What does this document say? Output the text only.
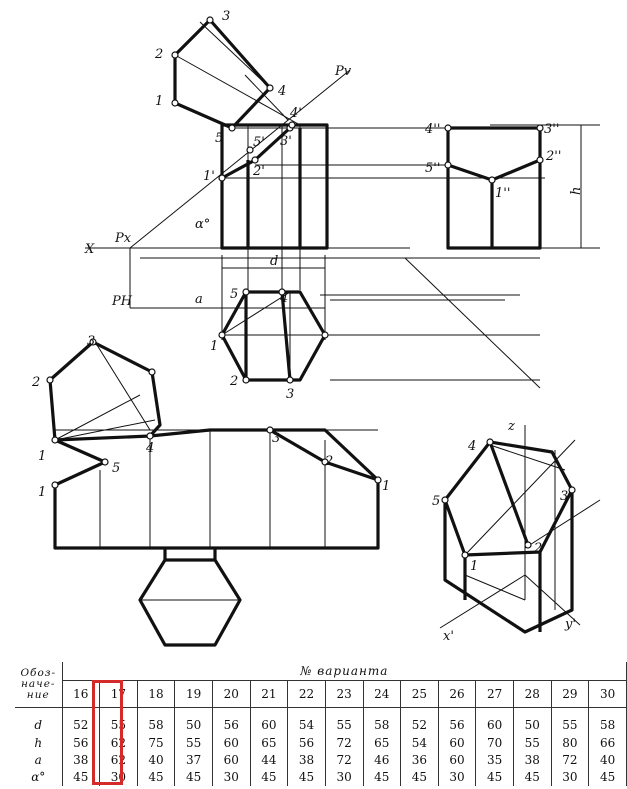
Pv
Px
PH
X
α°
d
a
h
1'	2'
3'
4'
5'
1
2
3
4
5
1''
2''
3''
4''
5''
1
2
3
4
5
1
1	1
2
2
3
3
4
5
1
2
3
4
5
z
x'
y'
Обоз-
наче-
ние	№ варианта														
	16	17	18	19	20	21	22	23	24	25	26	27	28	29	30
d	52	55	58	50	56	60	54	55	58	52	56	60	50	55	58
h	56	62	75	55	60	65	56	72	65	54	60	70	55	80	66
a	38	62	40	37	60	44	38	72	46	36	60	35	38	72	40
α°	45	30	45	45	30	45	45	30	45	45	30	45	45	30	45
